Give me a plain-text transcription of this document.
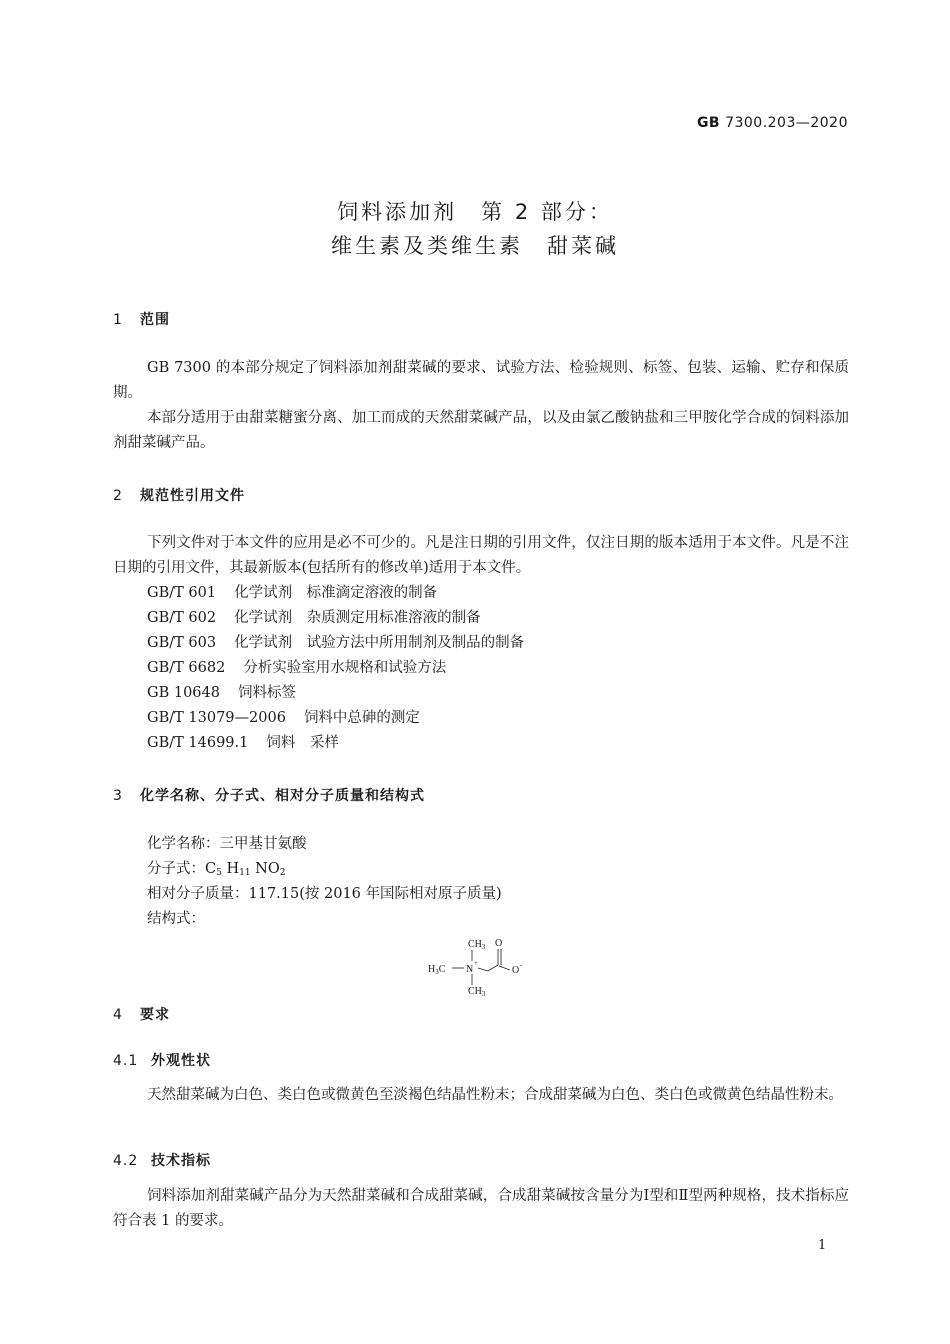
GB 7300.203—2020
饲料添加剂　第 2 部分：
维生素及类维生素　甜菜碱
1 范围

GB 7300 的本部分规定了饲料添加剂甜菜碱的要求、试验方法、检验规则、标签、包装、运输、贮存和保质期。

本部分适用于由甜菜糖蜜分离、加工而成的天然甜菜碱产品，以及由氯乙酸钠盐和三甲胺化学合成的饲料添加剂甜菜碱产品。

2 规范性引用文件

下列文件对于本文件的应用是必不可少的。凡是注日期的引用文件，仅注日期的版本适用于本文件。凡是不注日期的引用文件，其最新版本(包括所有的修改单)适用于本文件。

GB/T 601 化学试剂　标准滴定溶液的制备
GB/T 602 化学试剂　杂质测定用标准溶液的制备
GB/T 603 化学试剂　试验方法中所用制剂及制品的制备
GB/T 6682 分析实验室用水规格和试验方法
GB 10648 饲料标签
GB/T 13079—2006 饲料中总砷的测定
GB/T 14699.1 饲料　采样
3 化学名称、分子式、相对分子质量和结构式
化学名称：三甲基甘氨酸
分子式：$C_5$ $H_{11}$ $NO_2$
相对分子质量：117.15(按 2016 年国际相对原子质量)
结构式：
$CH_3$
$H_3C$ N
+
$CH_3$
O
O -
4 要求
4.1 外观性状

天然甜菜碱为白色、类白色或微黄色至淡褐色结晶性粉末；合成甜菜碱为白色、类白色或微黄色结晶性粉末。

4.2 技术指标

饲料添加剂甜菜碱产品分为天然甜菜碱和合成甜菜碱，合成甜菜碱按含量分为Ⅰ型和Ⅱ型两种规格，技术指标应符合表 1 的要求。

1
